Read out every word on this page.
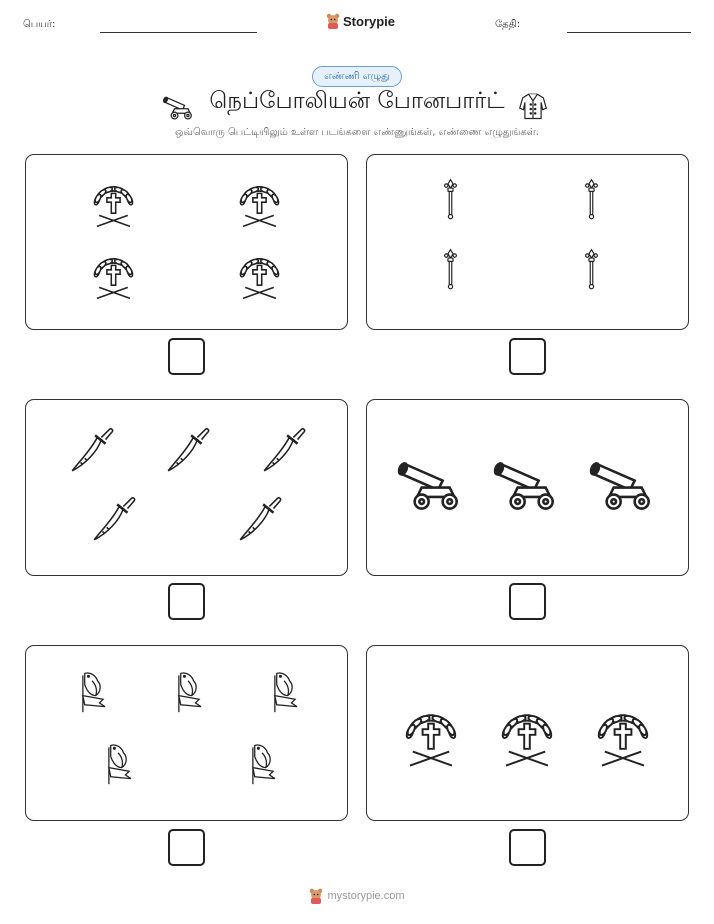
பெயர்:	Storypie	தேதி:
எண்ணி எழுது
நெப்போலியன் போனபார்ட்
ஒவ்வொரு பெட்டியிலும் உள்ள படங்களை எண்ணுங்கள், எண்ணை எழுதுங்கள்.
mystorypie.com
